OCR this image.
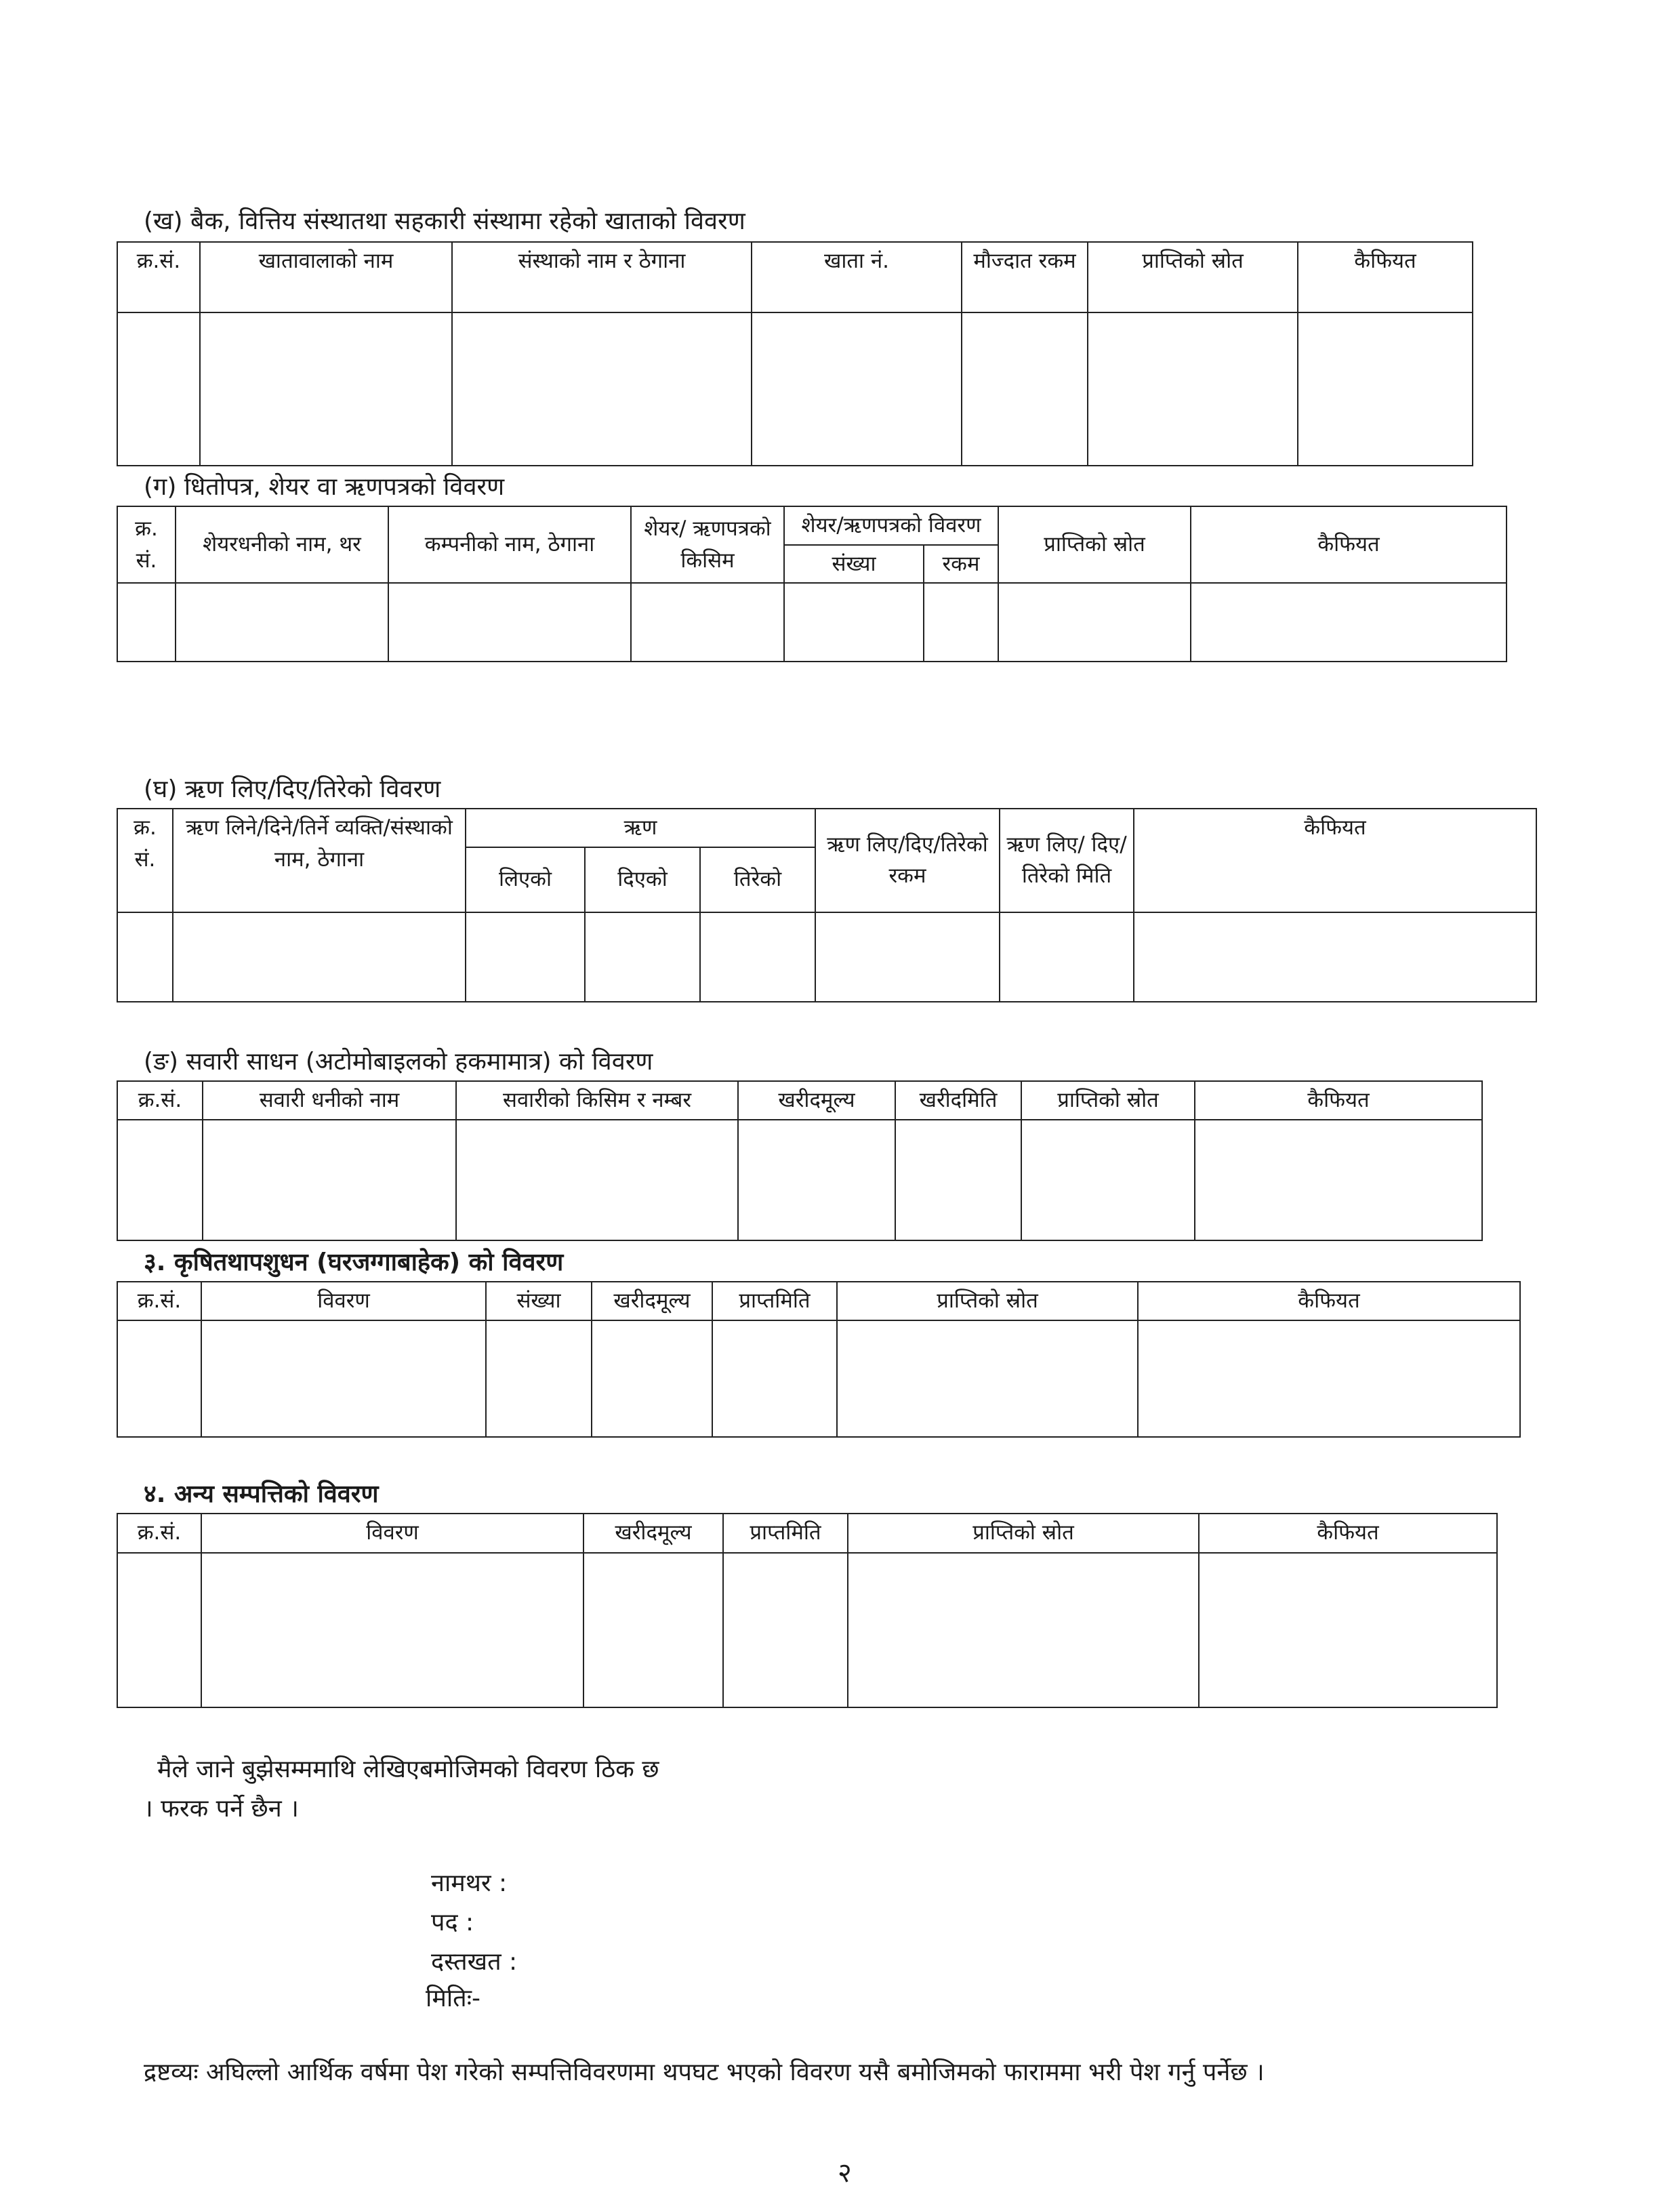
(ख) बैक, वित्तिय संस्थातथा सहकारी संस्थामा रहेको खाताको विवरण
क्र.सं.	खातावालाको नाम	संस्थाको नाम र ठेगाना	खाता नं.	मौज्दात रकम	प्राप्तिको स्रोत	कैफियत

(ग) धितोपत्र, शेयर वा ऋणपत्रको विवरण
क्र. सं.	शेयरधनीको नाम, थर	कम्पनीको नाम, ठेगाना	शेयर/ ऋणपत्रको किसिम	शेयर/ऋणपत्रको विवरण		प्राप्तिको स्रोत	कैफियत
				संख्या	रकम		

(घ) ऋण लिए/दिए/तिरेको विवरण
क्र. सं.	ऋण लिने/दिने/तिर्ने व्यक्ति/संस्थाको नाम, ठेगाना	ऋण			ऋण लिए/दिए/तिरेको रकम	ऋण लिए/ दिए/तिरेको मिति	कैफियत
		लिएको	दिएको	तिरेको			

(ङ) सवारी साधन (अटोमोबाइलको हकमामात्र) को विवरण
क्र.सं.	सवारी धनीको नाम	सवारीको किसिम र नम्बर	खरीदमूल्य	खरीदमिति	प्राप्तिको स्रोत	कैफियत

३. कृषितथापशुधन (घरजग्गाबाहेक) को विवरण
क्र.सं.	विवरण	संख्या	खरीदमूल्य	प्राप्तमिति	प्राप्तिको स्रोत	कैफियत

४. अन्य सम्पत्तिको विवरण
क्र.सं.	विवरण	खरीदमूल्य	प्राप्तमिति	प्राप्तिको स्रोत	कैफियत

मैले जाने बुझेसम्ममाथि लेखिएबमोजिमको विवरण ठिक छ
। फरक पर्ने छैन ।
नामथर :
पद :
दस्तखत :
मितिः-
द्रष्टव्यः अघिल्लो आर्थिक वर्षमा पेश गरेको सम्पत्तिविवरणमा थपघट भएको विवरण यसै बमोजिमको फाराममा भरी पेश गर्नु पर्नेछ ।
२
